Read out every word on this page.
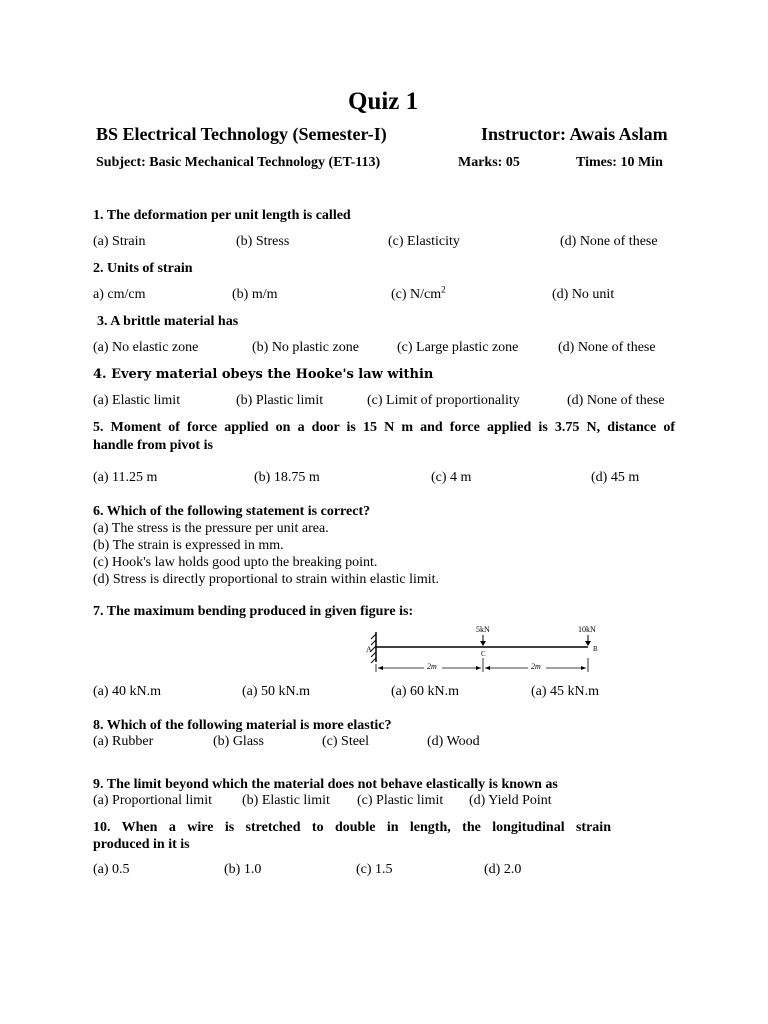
Quiz 1
BS Electrical Technology (Semester-I)	Instructor: Awais Aslam
Subject: Basic Mechanical Technology (ET-113)	Marks: 05	Times: 10 Min
1. The deformation per unit length is called
(a) Strain	(b) Stress	(c) Elasticity	(d) None of these
2. Units of strain
a) cm/cm	(b) m/m	(c) $N/cm^2$	(d) No unit
3. A brittle material has
(a) No elastic zone	(b) No plastic zone	(c) Large plastic zone	(d) None of these
4. Every material obeys the Hooke's law within
(a) Elastic limit	(b) Plastic limit	(c) Limit of proportionality	(d) None of these
5. Moment of force applied on a door is 15 N m and force applied is 3.75 N, distance of
handle from pivot is
(a) 11.25 m	(b) 18.75 m	(c) 4 m	(d) 45 m
6. Which of the following statement is correct?
(a) The stress is the pressure per unit area.
(b) The strain is expressed in mm.
(c) Hook's law holds good upto the breaking point.
(d) Stress is directly proportional to strain within elastic limit.
7. The maximum bending produced in given figure is:
A
5kN
C
10kN
B
2m	2m
(a) 40 kN.m	(a) 50 kN.m	(a) 60 kN.m	(a) 45 kN.m
8. Which of the following material is more elastic?
(a) Rubber	(b) Glass	(c) Steel	(d) Wood
9. The limit beyond which the material does not behave elastically is known as
(a) Proportional limit (b) Elastic limit (c) Plastic limit (d) Yield Point
10. When a wire is stretched to double in length, the longitudinal strain
produced in it is
(a) 0.5	(b) 1.0	(c) 1.5	(d) 2.0
